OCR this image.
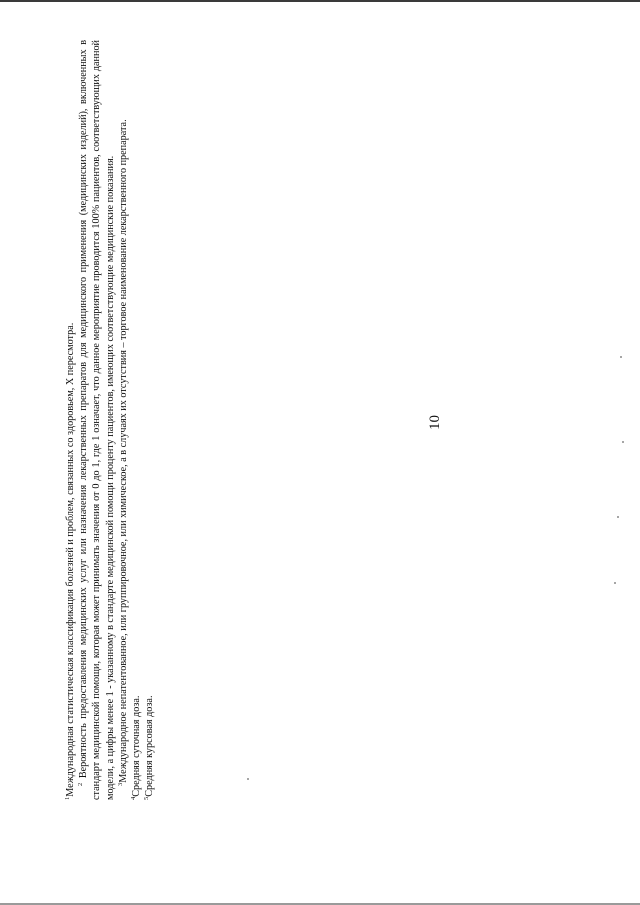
10

$^1$Международная статистическая классификация болезней и проблем, связанных со здоровьем, X пересмотра. $^2$ Вероятность предоставления медицинских услуг или назначения лекарственных препаратов для медицинского применения (медицинских изделий), включенных в стандарт медицинской помощи, которая может принимать значения от 0 до 1, где 1 означает, что данное мероприятие проводится 100% пациентов, соответствующих данной модели, а цифры менее 1 - указанному в стандарте медицинской помощи проценту пациентов, имеющих соответствующие медицинские показания. $^3$Международное непатентованное, или группировочное, или химическое, а в случаях их отсутствия – торговое наименование лекарственного препарата.

$^4$Средняя суточная доза.

$^5$Средняя курсовая доза.
